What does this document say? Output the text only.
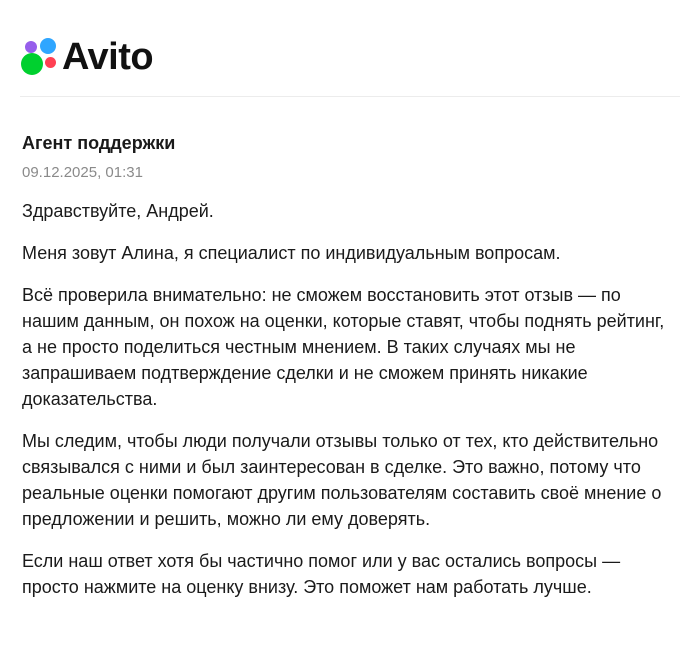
Avito
Агент поддержки
09.12.2025, 01:31

Здравствуйте, Андрей.

Меня зовут Алина, я специалист по индивидуальным вопросам.

Всё проверила внимательно: не сможем восстановить этот отзыв — по нашим данным, он похож на оценки, которые ставят, чтобы поднять рейтинг, а не просто поделиться честным мнением. В таких случаях мы не запрашиваем подтверждение сделки и не сможем принять никакие доказательства.

Мы следим, чтобы люди получали отзывы только от тех, кто действительно связывался с ними и был заинтересован в сделке. Это важно, потому что реальные оценки помогают другим пользователям составить своё мнение о предложении и решить, можно ли ему доверять.

Если наш ответ хотя бы частично помог или у вас остались вопросы — просто нажмите на оценку внизу. Это поможет нам работать лучше.
